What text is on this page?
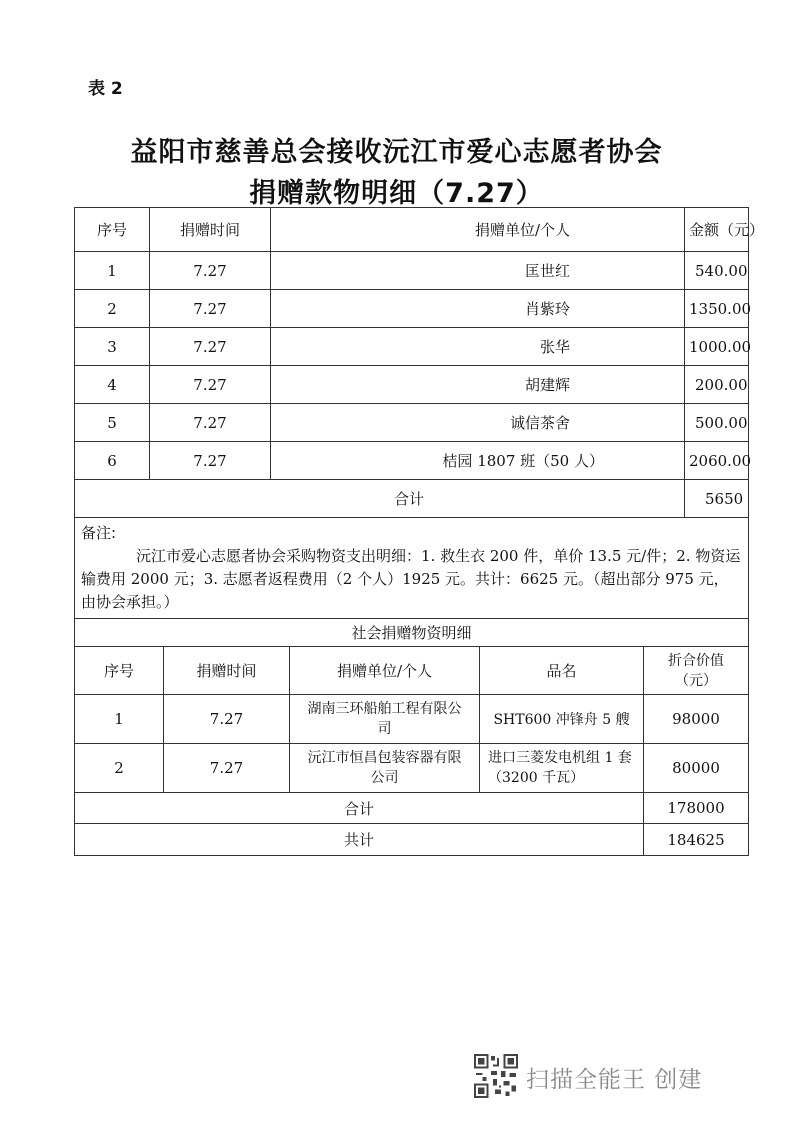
表 2
益阳市慈善总会接收沅江市爱心志愿者协会
捐赠款物明细（7.27）
序号	捐赠时间	捐赠单位/个人	金额（元）
1	7.27	匡世红	540.00
2	7.27	肖紫玲	1350.00
3	7.27	张华	1000.00
4	7.27	胡建辉	200.00
5	7.27	诚信茶舍	500.00
6	7.27	桔园 1807 班（50 人）	2060.00
合计			5650

备注:
沅江市爱心志愿者协会采购物资支出明细：1. 救生衣 200 件，单价 13.5 元/件；2. 物资运输费用 2000 元；3. 志愿者返程费用（2 个人）1925 元。共计：6625 元。（超出部分 975 元，由协会承担。）			

社会捐赠物资明细			
序号	捐赠时间	捐赠单位/个人	品名	折合价值（元）
1	7.27	湖南三环船舶工程有限公司	SHT600 冲锋舟 5 艘	98000
2	7.27	沅江市恒昌包装容器有限公司	进口三菱发电机组 1 套（3200 千瓦）	80000
合计				178000
共计				184625
扫描全能王 创建
